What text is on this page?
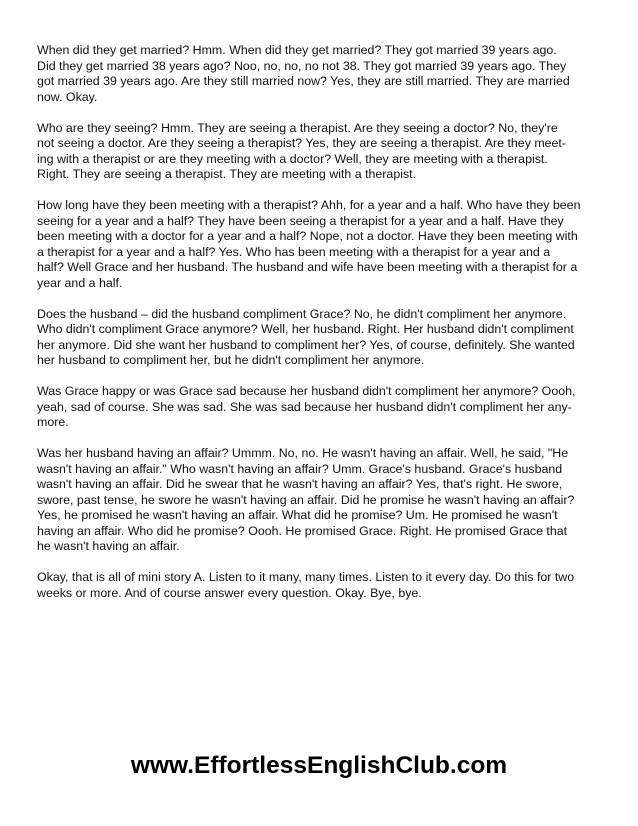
When did they get married? Hmm. When did they get married? They got married 39 years ago.
Did they get married 38 years ago? Noo, no, no, no not 38. They got married 39 years ago. They
got married 39 years ago. Are they still married now? Yes, they are still married. They are married
now. Okay.

Who are they seeing? Hmm. They are seeing a therapist. Are they seeing a doctor? No, they're
not seeing a doctor. Are they seeing a therapist? Yes, they are seeing a therapist. Are they meet-
ing with a therapist or are they meeting with a doctor? Well, they are meeting with a therapist.
Right. They are seeing a therapist. They are meeting with a therapist.

How long have they been meeting with a therapist? Ahh, for a year and a half. Who have they been
seeing for a year and a half? They have been seeing a therapist for a year and a half. Have they
been meeting with a doctor for a year and a half? Nope, not a doctor. Have they been meeting with
a therapist for a year and a half? Yes. Who has been meeting with a therapist for a year and a
half? Well Grace and her husband. The husband and wife have been meeting with a therapist for a
year and a half.

Does the husband – did the husband compliment Grace? No, he didn't compliment her anymore.
Who didn't compliment Grace anymore? Well, her husband. Right. Her husband didn't compliment
her anymore. Did she want her husband to compliment her? Yes, of course, definitely. She wanted
her husband to compliment her, but he didn't compliment her anymore.

Was Grace happy or was Grace sad because her husband didn't compliment her anymore? Oooh,
yeah, sad of course. She was sad. She was sad because her husband didn't compliment her any-
more.

Was her husband having an affair? Ummm. No, no. He wasn't having an affair. Well, he said, "He
wasn't having an affair." Who wasn't having an affair? Umm. Grace's husband. Grace's husband
wasn't having an affair. Did he swear that he wasn't having an affair? Yes, that's right. He swore,
swore, past tense, he swore he wasn't having an affair. Did he promise he wasn't having an affair?
Yes, he promised he wasn't having an affair. What did he promise? Um. He promised he wasn't
having an affair. Who did he promise? Oooh. He promised Grace. Right. He promised Grace that
he wasn't having an affair.

Okay, that is all of mini story A. Listen to it many, many times. Listen to it every day. Do this for two
weeks or more. And of course answer every question. Okay. Bye, bye.

www.EffortlessEnglishClub.com
